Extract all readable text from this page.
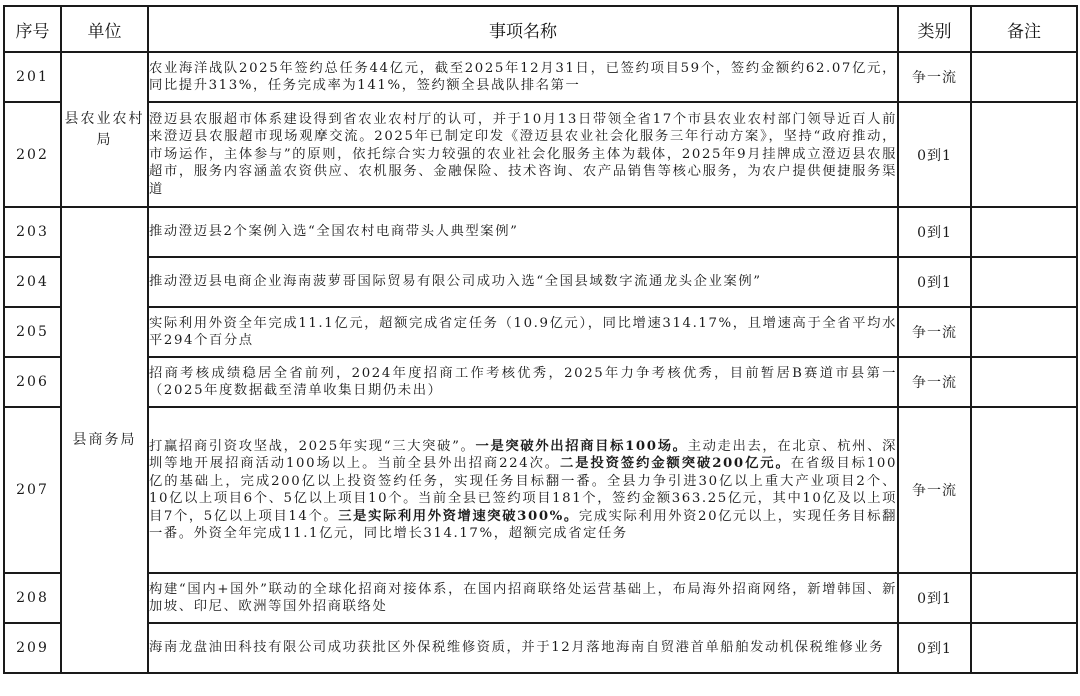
序号	单位	事项名称	类别	备注
201	县农业农村局	农业海洋战队2025年签约总任务44亿元，截至2025年12月31日，已签约项目59个，签约金额约62.07亿元，同比提升313%，任务完成率为141%，签约额全县战队排名第一	争一流	
202		澄迈县农服超市体系建设得到省农业农村厅的认可，并于10月13日带领全省17个市县农业农村部门领导近百人前来澄迈县农服超市现场观摩交流。2025年已制定印发《澄迈县农业社会化服务三年行动方案》，坚持“政府推动，市场运作，主体参与”的原则，依托综合实力较强的农业社会化服务主体为载体，2025年9月挂牌成立澄迈县农服超市，服务内容涵盖农资供应、农机服务、金融保险、技术咨询、农产品销售等核心服务，为农户提供便捷服务渠道	0到1	
203	县商务局	推动澄迈县2个案例入选“全国农村电商带头人典型案例”	0到1	
204		推动澄迈县电商企业海南菠萝哥国际贸易有限公司成功入选“全国县域数字流通龙头企业案例”	0到1	
205		实际利用外资全年完成11.1亿元，超额完成省定任务（10.9亿元），同比增速314.17%，且增速高于全省平均水平294个百分点	争一流	
206		招商考核成绩稳居全省前列，2024年度招商工作考核优秀，2025年力争考核优秀，目前暂居B赛道市县第一（2025年度数据截至清单收集日期仍未出）	争一流	
207		打赢招商引资攻坚战，2025年实现“三大突破”。一是突破外出招商目标100场。主动走出去，在北京、杭州、深圳等地开展招商活动100场以上。当前全县外出招商224次。二是投资签约金额突破200亿元。在省级目标100亿的基础上，完成200亿以上投资签约任务，实现任务目标翻一番。全县力争引进30亿以上重大产业项目2个、10亿以上项目6个、5亿以上项目10个。当前全县已签约项目181个，签约金额363.25亿元，其中10亿及以上项目7个，5亿以上项目14个。三是实际利用外资增速突破300%。完成实际利用外资20亿元以上，实现任务目标翻一番。外资全年完成11.1亿元，同比增长314.17%，超额完成省定任务	争一流	
208		构建“国内+国外”联动的全球化招商对接体系，在国内招商联络处运营基础上，布局海外招商网络，新增韩国、新加坡、印尼、欧洲等国外招商联络处	0到1	
209		海南龙盘油田科技有限公司成功获批区外保税维修资质，并于12月落地海南自贸港首单船舶发动机保税维修业务	0到1	
